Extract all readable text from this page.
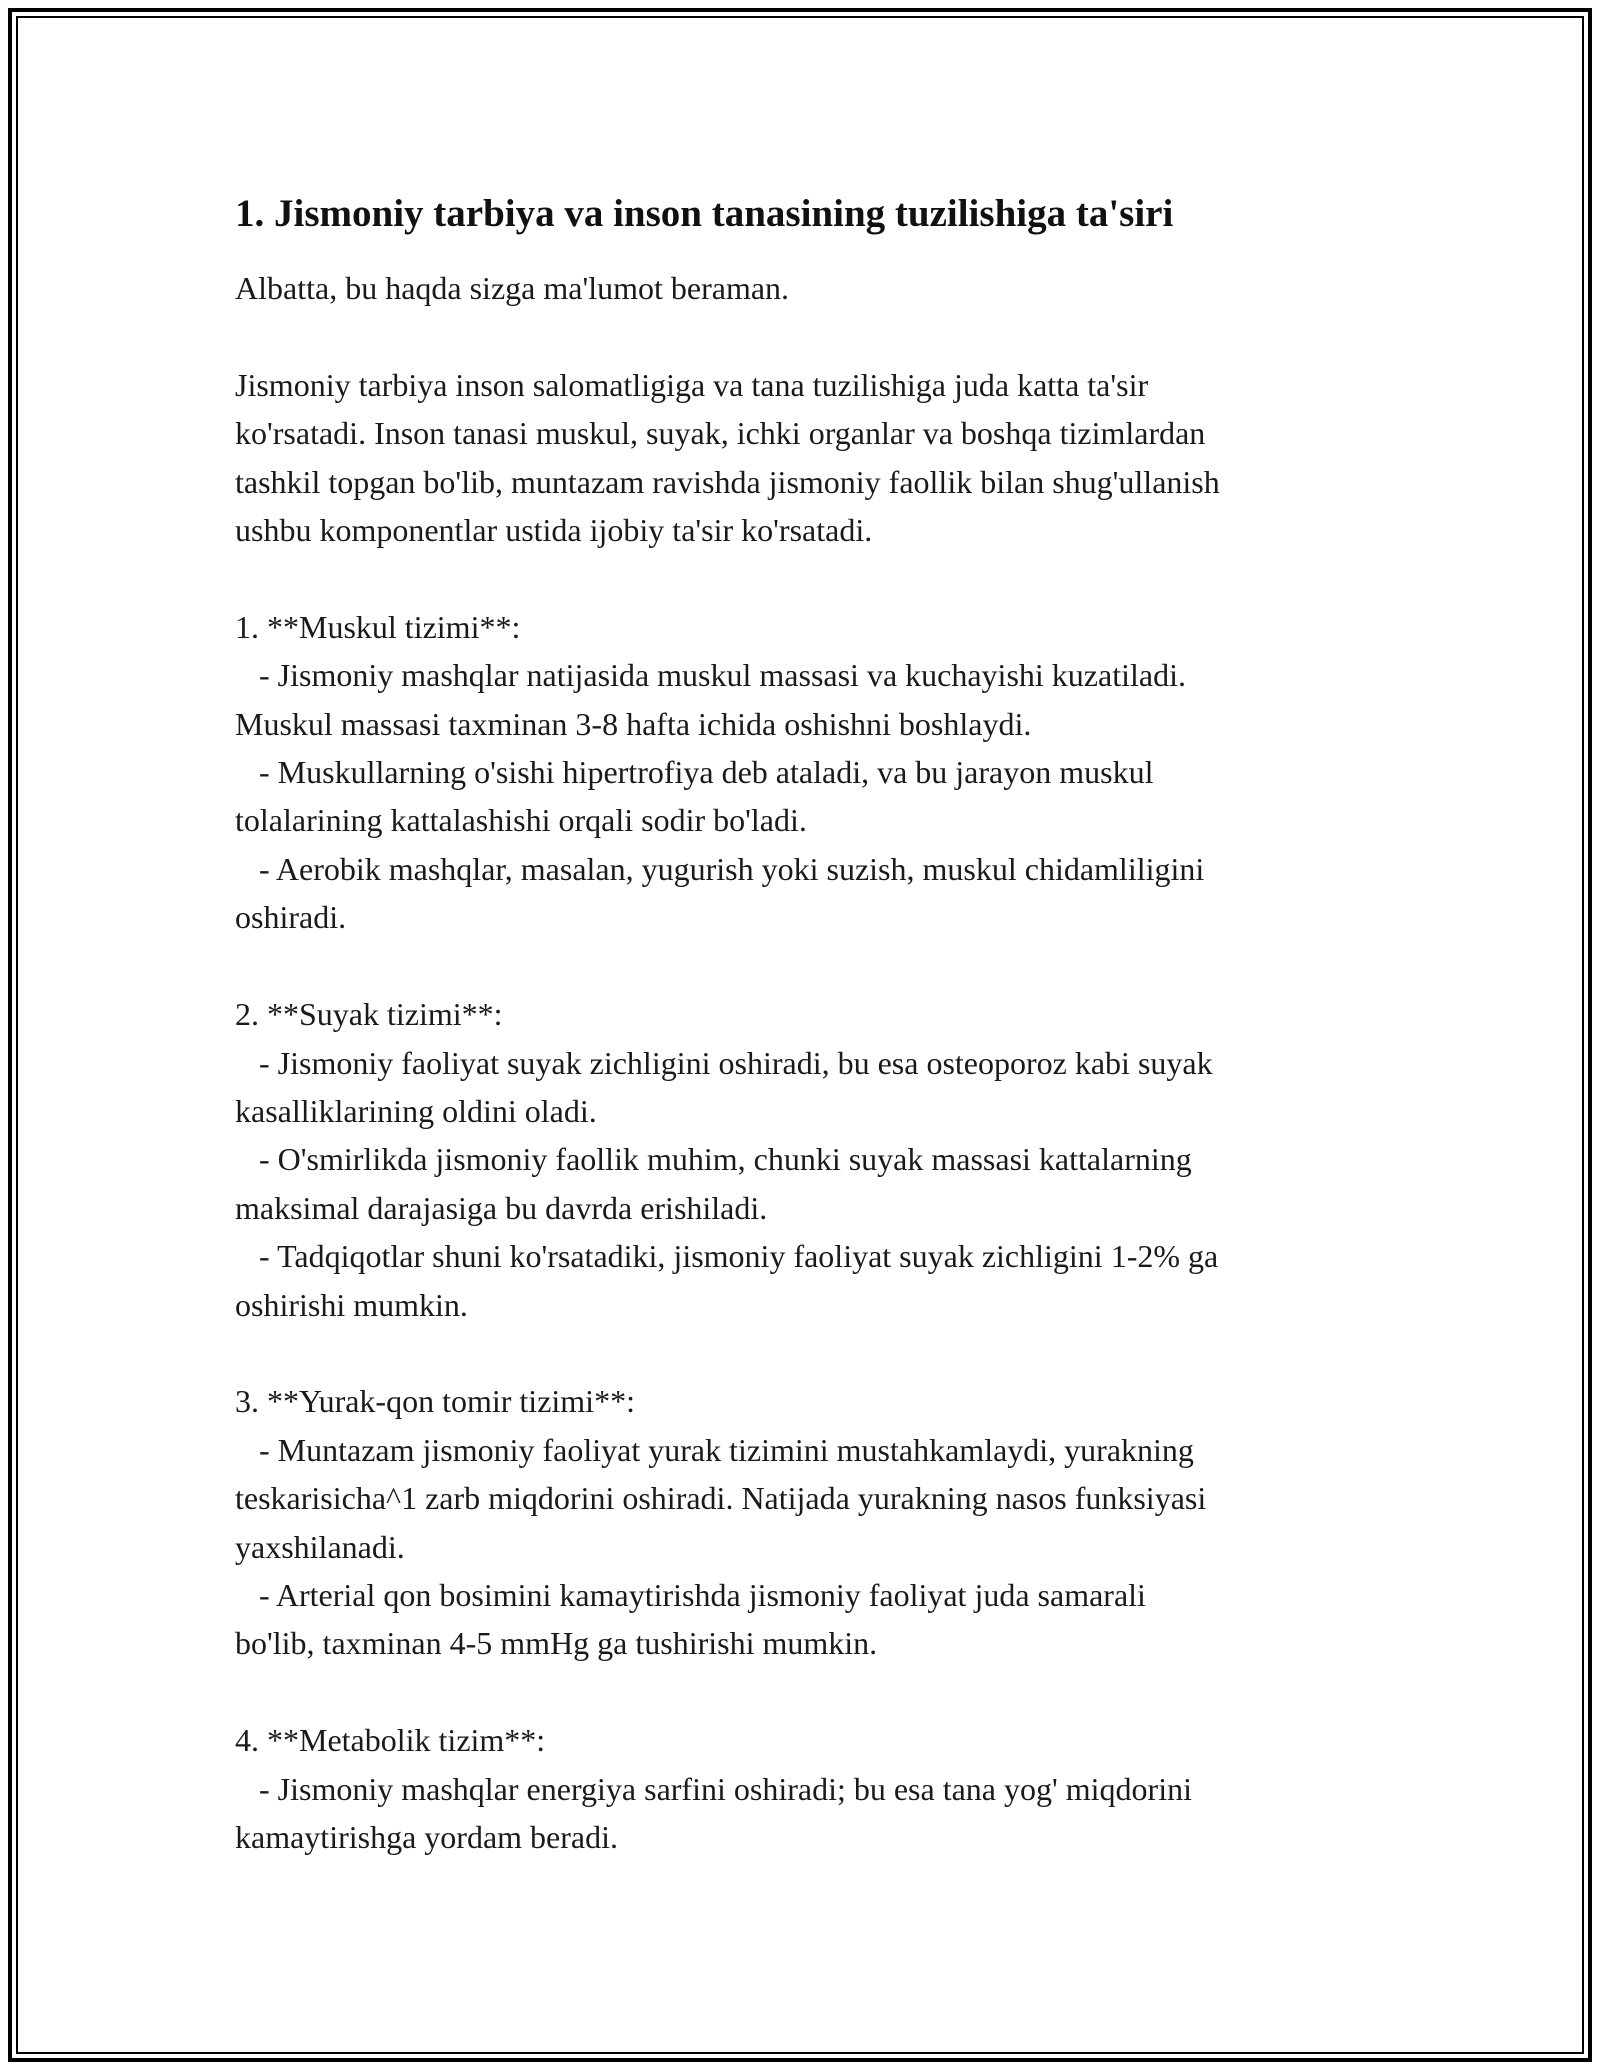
1. Jismoniy tarbiya va inson tanasining tuzilishiga ta'siri
Albatta, bu haqda sizga ma'lumot beraman.

Jismoniy tarbiya inson salomatligiga va tana tuzilishiga juda katta ta'sir
ko'rsatadi. Inson tanasi muskul, suyak, ichki organlar va boshqa tizimlardan
tashkil topgan bo'lib, muntazam ravishda jismoniy faollik bilan shug'ullanish
ushbu komponentlar ustida ijobiy ta'sir ko'rsatadi.

1. **Muskul tizimi**:
- Jismoniy mashqlar natijasida muskul massasi va kuchayishi kuzatiladi.
Muskul massasi taxminan 3-8 hafta ichida oshishni boshlaydi.
- Muskullarning o'sishi hipertrofiya deb ataladi, va bu jarayon muskul
tolalarining kattalashishi orqali sodir bo'ladi.
- Aerobik mashqlar, masalan, yugurish yoki suzish, muskul chidamliligini
oshiradi.

2. **Suyak tizimi**:
- Jismoniy faoliyat suyak zichligini oshiradi, bu esa osteoporoz kabi suyak
kasalliklarining oldini oladi.
- O'smirlikda jismoniy faollik muhim, chunki suyak massasi kattalarning
maksimal darajasiga bu davrda erishiladi.
- Tadqiqotlar shuni ko'rsatadiki, jismoniy faoliyat suyak zichligini 1-2% ga
oshirishi mumkin.

3. **Yurak-qon tomir tizimi**:
- Muntazam jismoniy faoliyat yurak tizimini mustahkamlaydi, yurakning
teskarisicha^1 zarb miqdorini oshiradi. Natijada yurakning nasos funksiyasi
yaxshilanadi.
- Arterial qon bosimini kamaytirishda jismoniy faoliyat juda samarali
bo'lib, taxminan 4-5 mmHg ga tushirishi mumkin.

4. **Metabolik tizim**:
- Jismoniy mashqlar energiya sarfini oshiradi; bu esa tana yog' miqdorini
kamaytirishga yordam beradi.
